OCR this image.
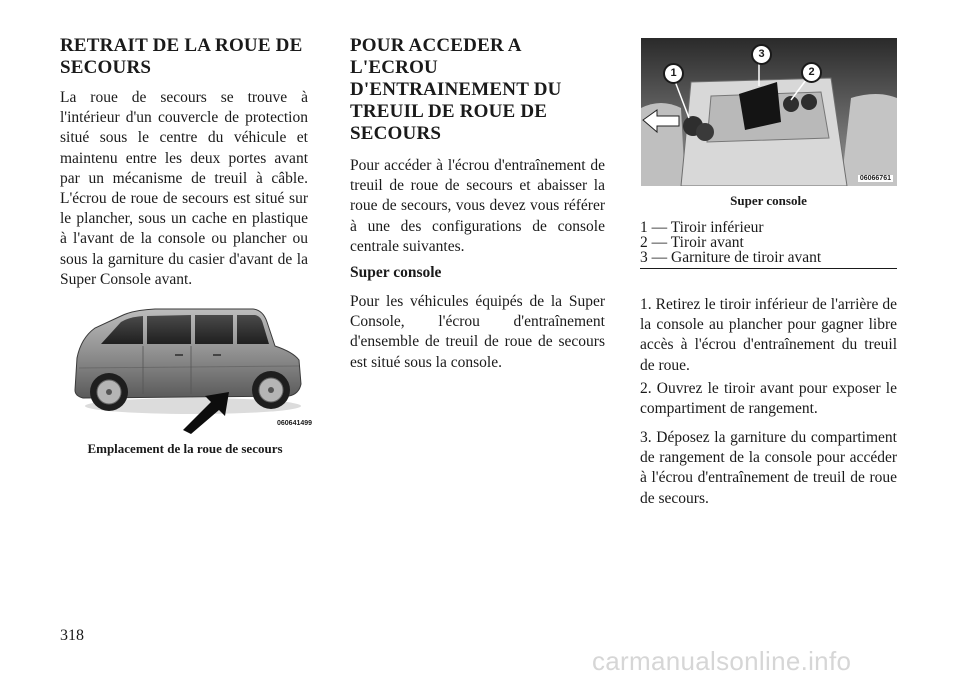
RETRAIT DE LA ROUE DE
SECOURS

La roue de secours se trouve à l'intérieur d'un couvercle de protection situé sous le centre du véhicule et maintenu entre les deux portes avant par un mécanisme de treuil à câble. L'écrou de roue de secours est situé sur le plancher, sous un cache en plastique à l'avant de la console ou plancher ou sous la garniture du casier d'avant de la Super Console avant.

060641499
Emplacement de la roue de secours
POUR ACCEDER A
L'ECROU
D'ENTRAINEMENT DU
TREUIL DE ROUE DE
SECOURS

Pour accéder à l'écrou d'entraînement de treuil de roue de secours et abaisser la roue de secours, vous devez vous référer à une des configurations de console centrale suivantes.

Super console

Pour les véhicules équipés de la Super Console, l'écrou d'entraînement d'ensemble de treuil de roue de secours est situé sous la console.

1	2
3
06066761
Super console
1 — Tiroir inférieur
2 — Tiroir avant
3 — Garniture de tiroir avant

1. Retirez le tiroir inférieur de l'arrière de la console au plancher pour gagner libre accès à l'écrou d'entraînement du treuil de roue.

2. Ouvrez le tiroir avant pour exposer le compartiment de rangement.

3. Déposez la garniture du compartiment de rangement de la console pour accéder à l'écrou d'entraînement de treuil de roue de secours.

318
carmanualsonline.info
